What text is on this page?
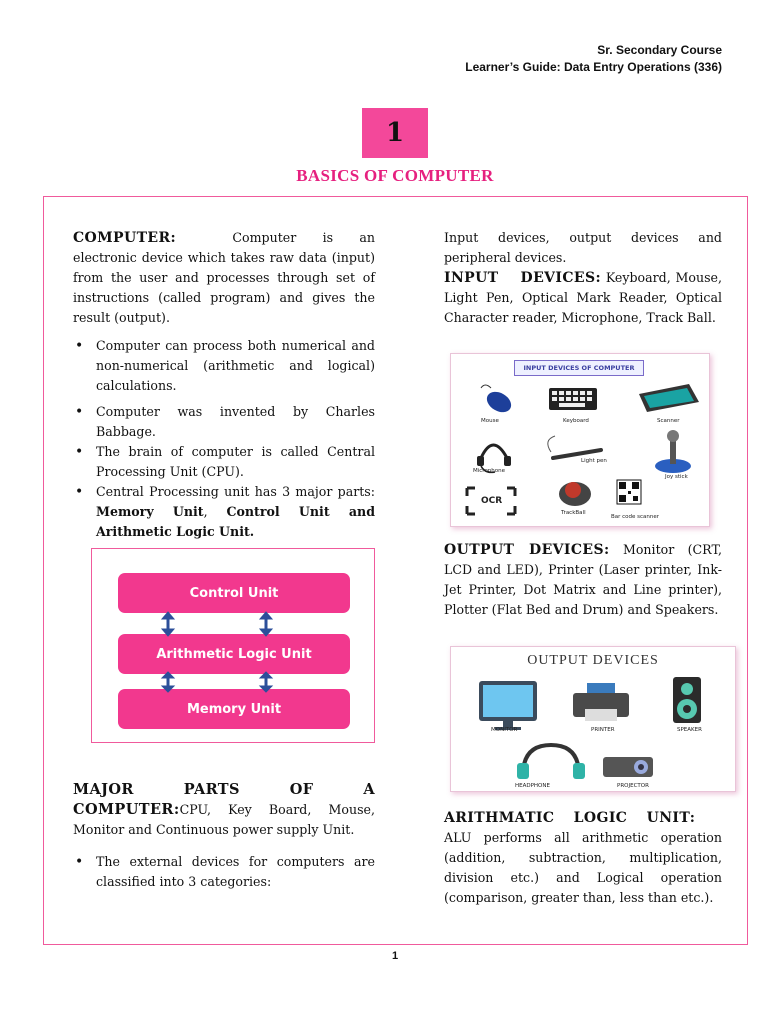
Sr. Secondary Course
Learner’s Guide: Data Entry Operations (336)
1
BASICS OF COMPUTER

COMPUTER:	Computer is an electronic device which takes raw data (input) from the user and processes through set of instructions (called program) and gives the result (output).

• Computer can process both numerical and non-numerical (arithmetic and logical) calculations.

• Computer was invented by Charles Babbage.

• The brain of computer is called Central Processing Unit (CPU).

• Central Processing unit has 3 major parts: Memory Unit, Control Unit and Arithmetic Logic Unit.

Control Unit
Arithmetic Logic Unit
Memory Unit

MAJOR PARTS OF A COMPUTER:CPU, Key Board, Mouse, Monitor and Continuous power supply Unit.

• The external devices for computers are classified into 3 categories:

Input devices, output devices and peripheral devices.

INPUT DEVICES: Keyboard, Mouse, Light Pen, Optical Mark Reader, Optical Character reader, Microphone, Track Ball.

INPUT DEVICES OF COMPUTER
Mouse	Keyboard	Scanner
Microphone
Light pen
Joy stick
OCR
TrackBall
Bar code scanner

OUTPUT DEVICES: Monitor (CRT, LCD and LED), Printer (Laser printer, Ink-Jet Printer, Dot Matrix and Line printer), Plotter (Flat Bed and Drum) and Speakers.

OUTPUT DEVICES
MONITOR	PRINTER	SPEAKER
HEADPHONE	PROJECTOR

ARITHMATIC LOGIC UNIT:

ALU performs all arithmetic operation (addition, subtraction, multiplication, division etc.) and Logical operation (comparison, greater than, less than etc.).

1
